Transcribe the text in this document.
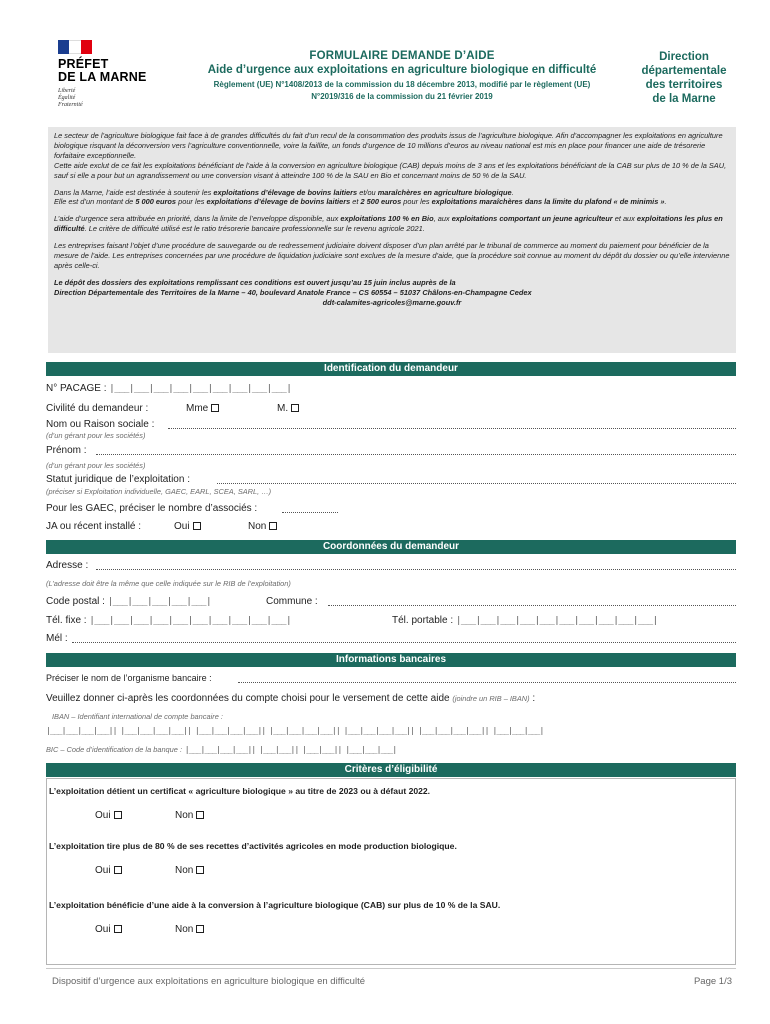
PRÉFET
DE LA MARNE
Liberté
Égalité
Fraternité
FORMULAIRE DEMANDE D’AIDE
Aide d’urgence aux exploitations en agriculture biologique en difficulté
Règlement (UE) N°1408/2013 de la commission du 18 décembre 2013, modifié par le règlement (UE)
N°2019/316 de la commission du 21 février 2019
Direction
départementale
des territoires
de la Marne

Le secteur de l’agriculture biologique fait face à de grandes difficultés du fait d’un recul de la consommation des produits issus de l’agriculture biologique. Afin d’accompagner les exploitations en agriculture biologique risquant la déconversion vers l’agriculture conventionnelle, voire la faillite, un fonds d’urgence de 10 millions d’euros au niveau national est mis en place pour financer une aide de trésorerie forfaitaire exceptionnelle.
Cette aide exclut de ce fait les exploitations bénéficiant de l’aide à la conversion en agriculture biologique (CAB) depuis moins de 3 ans et les exploitations bénéficiant de la CAB sur plus de 10 % de la SAU, sauf si elle a pour but un agrandissement ou une conversion visant à atteindre 100 % de la SAU en Bio et concernant moins de 50 % de la SAU.

Dans la Marne, l’aide est destinée à soutenir les exploitations d’élevage de bovins laitiers et/ou maraîchères en agriculture biologique.
Elle est d’un montant de 5 000 euros pour les exploitations d’élevage de bovins laitiers et 2 500 euros pour les exploitations maraîchères dans la limite du plafond « de minimis ».

L’aide d’urgence sera attribuée en priorité, dans la limite de l’enveloppe disponible, aux exploitations 100 % en Bio, aux exploitations comportant un jeune agriculteur et aux exploitations les plus en difficulté. Le critère de difficulté utilisé est le ratio trésorerie bancaire professionnelle sur le revenu agricole 2021.

Les entreprises faisant l’objet d’une procédure de sauvegarde ou de redressement judiciaire doivent disposer d’un plan arrêté par le tribunal de commerce au moment du paiement pour bénéficier de la mesure de l’aide. Les entreprises concernées par une procédure de liquidation judiciaire sont exclues de la mesure d’aide, que la procédure soit connue au moment du dépôt du dossier ou qu’elle intervienne après celle-ci.

Le dépôt des dossiers des exploitations remplissant ces conditions est ouvert jusqu’au 15 juin inclus auprès de la
Direction Départementale des Territoires de la Marne – 40, boulevard Anatole France – CS 60554 – 51037 Châlons-en-Champagne Cedex

ddt-calamites-agricoles@marne.gouv.fr

Identification du demandeur
N° PACAGE : |___|___|___|___|___|___|___|___|___|
Civilité du demandeur :	Mme	M.
Nom ou Raison sociale :
(d’un gérant pour les sociétés)
Prénom :
(d’un gérant pour les sociétés)
Statut juridique de l’exploitation :
(préciser si Exploitation individuelle, GAEC, EARL, SCEA, SARL, …)
Pour les GAEC, préciser le nombre d’associés :
JA ou récent installé :	Oui	Non
Coordonnées du demandeur
Adresse :
(L’adresse doit être la même que celle indiquée sur le RIB de l’exploitation)
Code postal : |___|___|___|___|___|	Commune :
Tél. fixe : |___|___|___|___|___|___|___|___|___|___|	Tél. portable : |___|___|___|___|___|___|___|___|___|___|
Mél :
Informations bancaires
Préciser le nom de l’organisme bancaire :
Veuillez donner ci-après les coordonnées du compte choisi pour le versement de cette aide (joindre un RIB – IBAN) :
IBAN – Identifiant international de compte bancaire :
|___|___|___|___|| |___|___|___|___|| |___|___|___|___|| |___|___|___|___|| |___|___|___|___|| |___|___|___|___|| |___|___|___|
BIC – Code d’identification de la banque : |___|___|___|___|| |___|___|| |___|___|| |___|___|___|
Critères d’éligibilité
L’exploitation détient un certificat « agriculture biologique » au titre de 2023 ou à défaut 2022.
Oui	Non
L’exploitation tire plus de 80 % de ses recettes d’activités agricoles en mode production biologique.
Oui	Non
L’exploitation bénéficie d’une aide à la conversion à l’agriculture biologique (CAB) sur plus de 10 % de la SAU.
Oui	Non
Dispositif d’urgence aux exploitations en agriculture biologique en difficulté	Page 1/3
